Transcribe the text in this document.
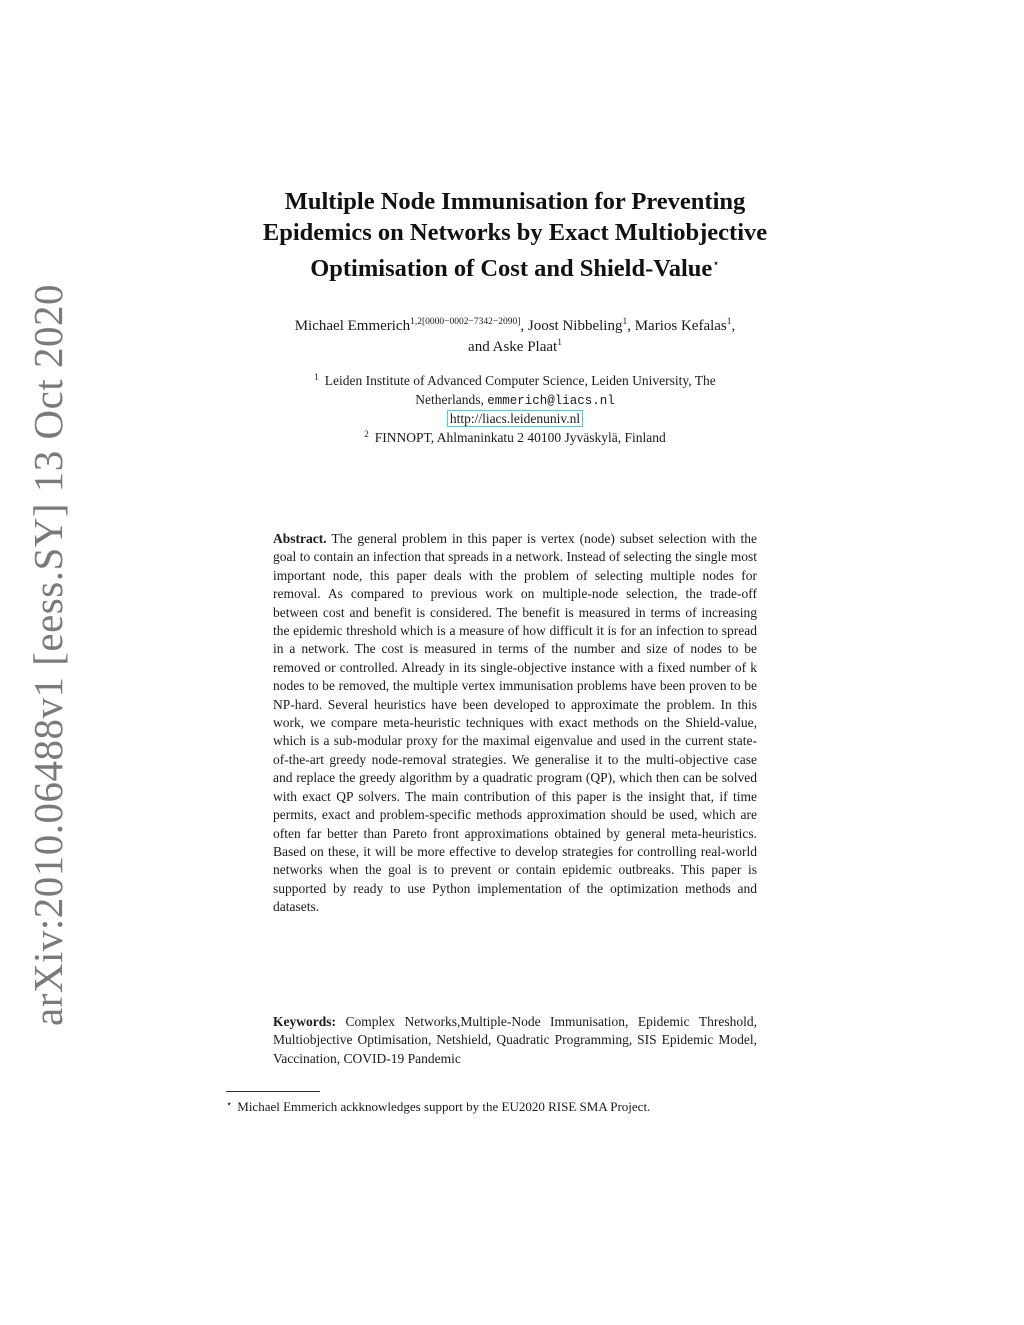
arXiv:2010.06488v1 [eess.SY] 13 Oct 2020
Multiple Node Immunisation for Preventing
Epidemics on Networks by Exact Multiobjective
Optimisation of Cost and Shield-Value⋆
Michael Emmerich$^{1,2[0000-0002-7342-2090]}$, Joost Nibbeling$^1$, Marios Kefalas$^1$,
and Aske Plaat$^1$
$^1$ Leiden Institute of Advanced Computer Science, Leiden University, The
Netherlands, emmerich@liacs.nl
http://liacs.leidenuniv.nl
$^2$ FINNOPT, Ahlmaninkatu 2 40100 Jyväskylä, Finland

Abstract. The general problem in this paper is vertex (node) subset selection with the goal to contain an infection that spreads in a network. Instead of selecting the single most important node, this paper deals with the problem of selecting multiple nodes for removal. As compared to previous work on multiple-node selection, the trade-off between cost and benefit is considered. The benefit is measured in terms of increasing the epidemic threshold which is a measure of how difficult it is for an infection to spread in a network. The cost is measured in terms of the number and size of nodes to be removed or controlled. Already in its single-objective instance with a fixed number of k nodes to be removed, the multiple vertex immunisation problems have been proven to be NP-hard. Several heuristics have been developed to approximate the problem. In this work, we compare meta-heuristic techniques with exact methods on the Shield-value, which is a sub-modular proxy for the maximal eigenvalue and used in the current state-of-the-art greedy node-removal strategies. We generalise it to the multi-objective case and replace the greedy algorithm by a quadratic program (QP), which then can be solved with exact QP solvers. The main contribution of this paper is the insight that, if time permits, exact and problem-specific methods approximation should be used, which are often far better than Pareto front approximations obtained by general meta-heuristics. Based on these, it will be more effective to develop strategies for controlling real-world networks when the goal is to prevent or contain epidemic outbreaks. This paper is supported by ready to use Python implementation of the optimization methods and datasets.

Keywords: Complex Networks,Multiple-Node Immunisation, Epidemic Threshold, Multiobjective Optimisation, Netshield, Quadratic Programming, SIS Epidemic Model, Vaccination, COVID-19 Pandemic

⋆ Michael Emmerich ackknowledges support by the EU2020 RISE SMA Project.
